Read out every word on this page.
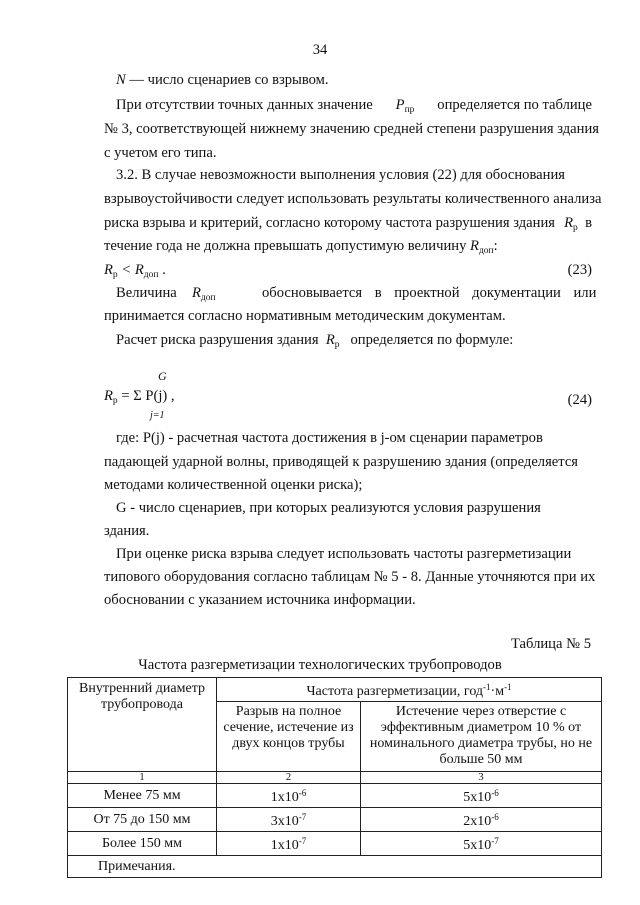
34
N — число сценариев со взрывом.
При отсутствии точных данных значение $P_{пр}$ определяется по таблице
№ 3, соответствующей нижнему значению средней степени разрушения здания
с учетом его типа.
3.2. В случае невозможности выполнения условия (22) для обоснования
взрывоустойчивости следует использовать результаты количественного анализа
риска взрыва и критерий, согласно которому частота разрушения здания $R_р$ в
течение года не должна превышать допустимую величину $R_{доп}$:
$R_р < R_{доп}$ .	(23)
Величина $R_{доп}$	обосновывается в проектной документации или
принимается согласно нормативным методическим документам.
Расчет риска разрушения здания $R_р$ определяется по формуле:
G
$R_р = \Sigma$ P(j) ,
j=1
(24)
где: P(j) - расчетная частота достижения в j-ом сценарии параметров
падающей ударной волны, приводящей к разрушению здания (определяется
методами количественной оценки риска);
G - число сценариев, при которых реализуются условия разрушения
здания.
При оценке риска взрыва следует использовать частоты разгерметизации
типового оборудования согласно таблицам № 5 - 8. Данные уточняются при их
обосновании с указанием источника информации.
Таблица № 5
Частота разгерметизации технологических трубопроводов
Внутренний диаметр трубопровода	Частота разгерметизации, $год^{-1}\cdot м^{-1}$
	Разрыв на полное сечение, истечение из двух концов трубы	Истечение через отверстие с эффективным диаметром 10 % от номинального диаметра трубы, но не больше 50 мм
1	2	3
Менее 75 мм	$1x10^{-6}$	$5x10^{-6}$
От 75 до 150 мм	$3x10^{-7}$	$2x10^{-6}$
Более 150 мм	$1x10^{-7}$	$5x10^{-7}$
Примечания.		
